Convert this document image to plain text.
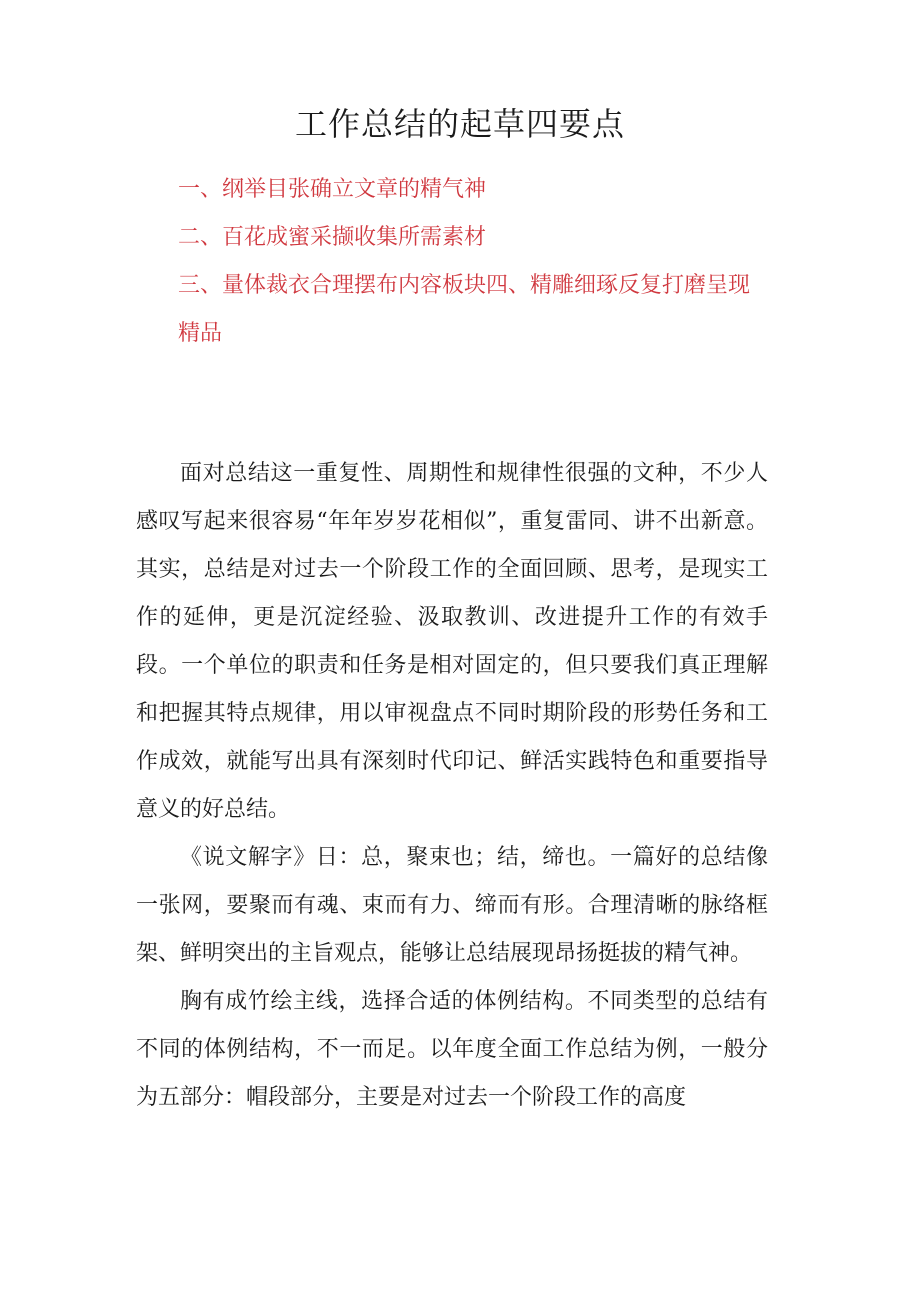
工作总结的起草四要点
一、纲举目张确立文章的精气神
二、百花成蜜采撷收集所需素材
三、量体裁衣合理摆布内容板块四、精雕细琢反复打磨呈现精品

面对总结这一重复性、周期性和规律性很强的文种，不少人感叹写起来很容易“年年岁岁花相似”，重复雷同、讲不出新意。其实，总结是对过去一个阶段工作的全面回顾、思考，是现实工作的延伸，更是沉淀经验、汲取教训、改进提升工作的有效手段。一个单位的职责和任务是相对固定的，但只要我们真正理解和把握其特点规律，用以审视盘点不同时期阶段的形势任务和工作成效，就能写出具有深刻时代印记、鲜活实践特色和重要指导意义的好总结。

《说文解字》日：总，聚束也；结，缔也。一篇好的总结像一张网，要聚而有魂、束而有力、缔而有形。合理清晰的脉络框架、鲜明突出的主旨观点，能够让总结展现昂扬挺拔的精气神。

胸有成竹绘主线，选择合适的体例结构。不同类型的总结有不同的体例结构，不一而足。以年度全面工作总结为例，一般分为五部分：帽段部分，主要是对过去一个阶段工作的高度
